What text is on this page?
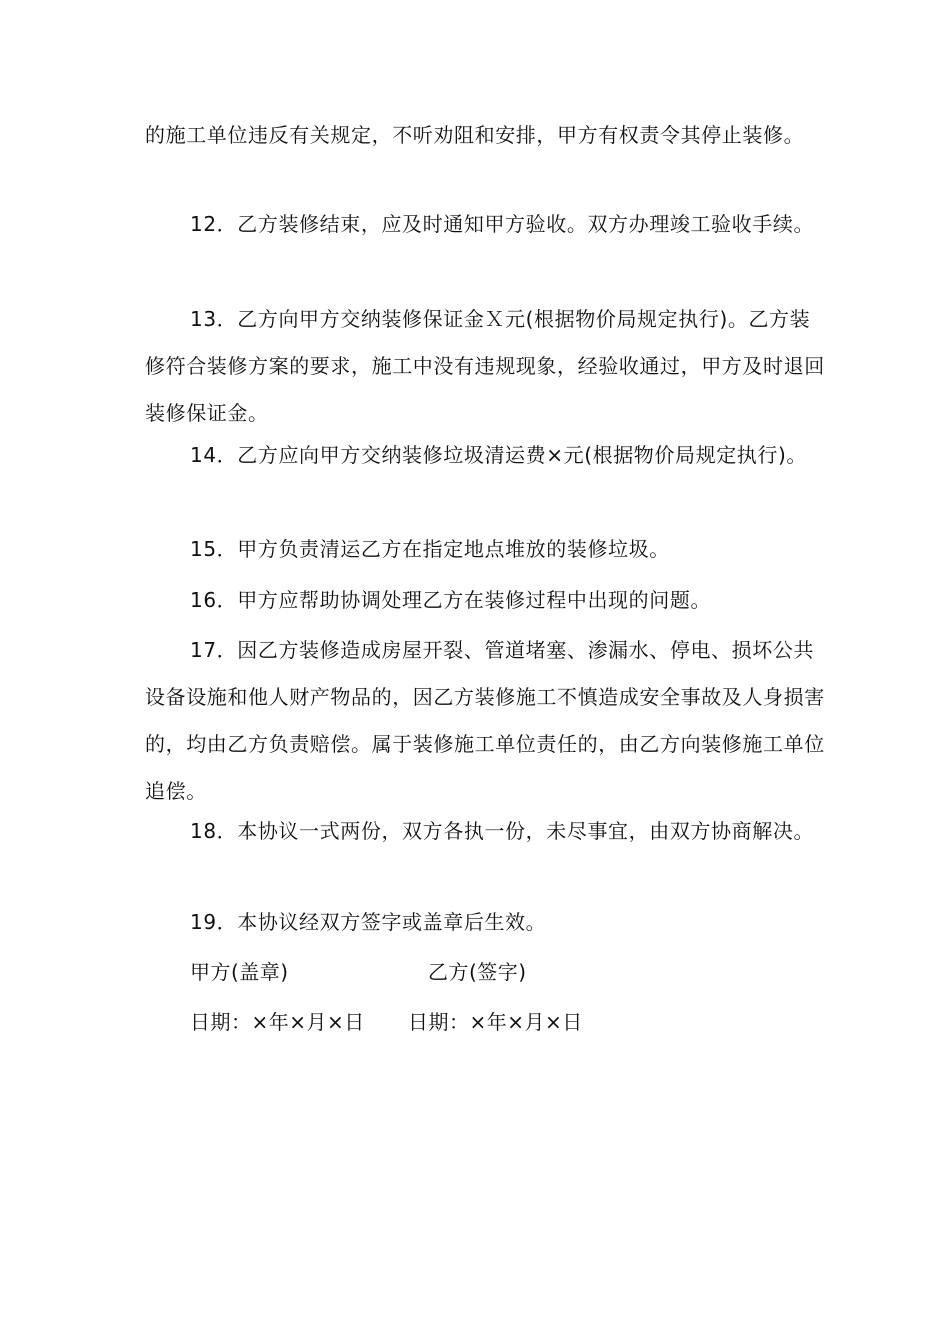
的施工单位违反有关规定，不听劝阻和安排，甲方有权责令其停止装修。

12．乙方装修结束，应及时通知甲方验收。双方办理竣工验收手续。

13．乙方向甲方交纳装修保证金Ｘ元(根据物价局规定执行)。乙方装修符合装修方案的要求，施工中没有违规现象，经验收通过，甲方及时退回装修保证金。

14．乙方应向甲方交纳装修垃圾清运费×元(根据物价局规定执行)。

15．甲方负责清运乙方在指定地点堆放的装修垃圾。

16．甲方应帮助协调处理乙方在装修过程中出现的问题。

17．因乙方装修造成房屋开裂、管道堵塞、渗漏水、停电、损坏公共设备设施和他人财产物品的，因乙方装修施工不慎造成安全事故及人身损害的，均由乙方负责赔偿。属于装修施工单位责任的，由乙方向装修施工单位追偿。

18．本协议一式两份，双方各执一份，未尽事宜，由双方协商解决。

19．本协议经双方签字或盖章后生效。

甲方(盖章)	乙方(签字)
日期：×年×月×日 日期：×年×月×日
